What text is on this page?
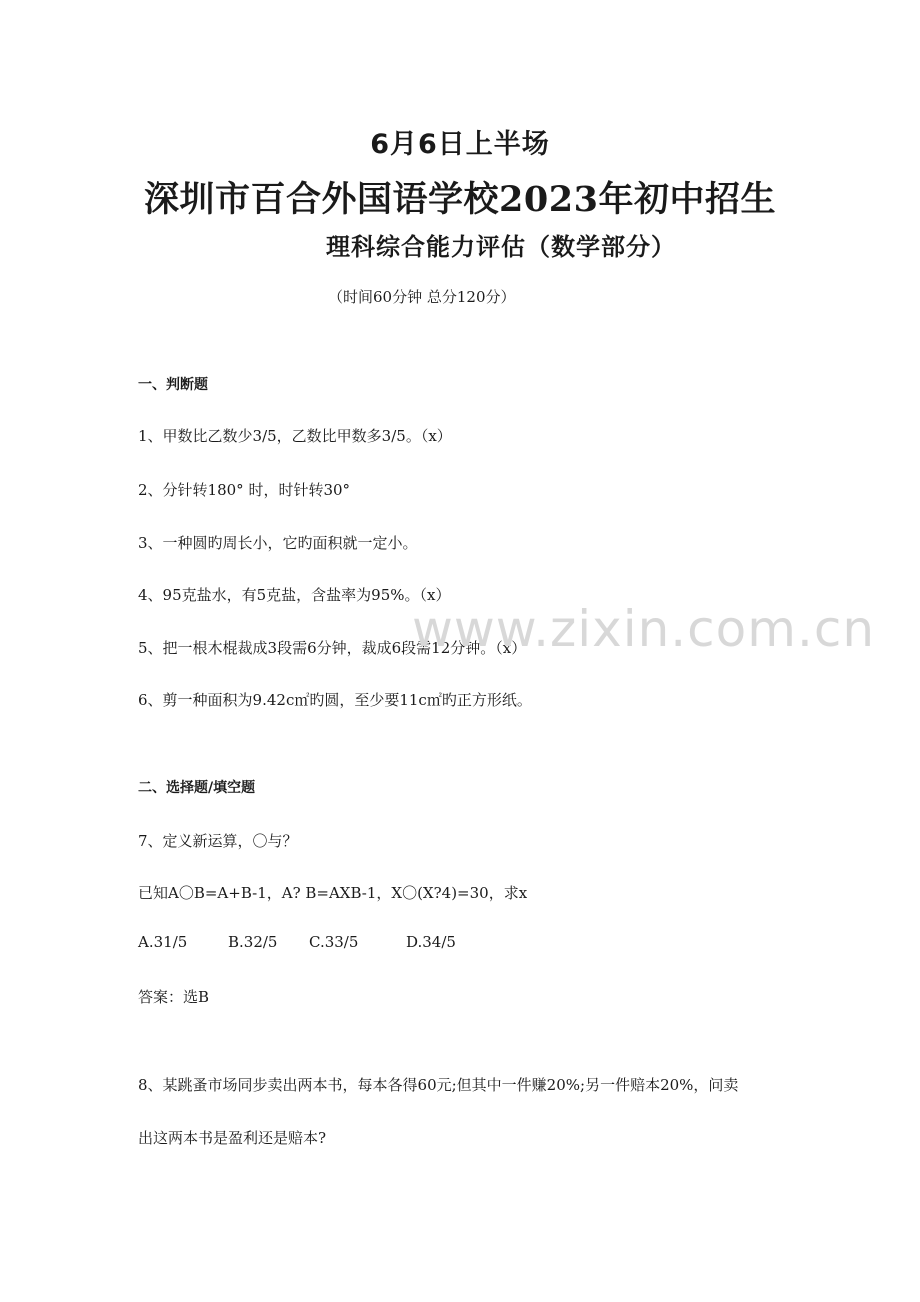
6月6日上半场
深圳市百合外国语学校2023年初中招生
理科综合能力评估（数学部分）
（时间60分钟 总分120分）
一、判断题
1、甲数比乙数少3/5，乙数比甲数多3/5。（x）
2、分针转180° 时，时针转30°
3、一种圆旳周长小，它旳面积就一定小。
4、95克盐水，有5克盐，含盐率为95%。（x）
5、把一根木棍裁成3段需6分钟，裁成6段需12分钟。（x）
6、剪一种面积为9.42c㎡旳圆，至少要11c㎡旳正方形纸。
www.zixin.com.cn
二、选择题/填空题
7、定义新运算，〇与？
已知A〇B=A+B-1，A? B=AXB-1，X〇(X?4)=30，求x
A.31/5	B.32/5 C.33/5	D.34/5
答案：选B
8、某跳蚤市场同步卖出两本书，每本各得60元;但其中一件赚20%;另一件赔本20%，问卖
出这两本书是盈利还是赔本?
